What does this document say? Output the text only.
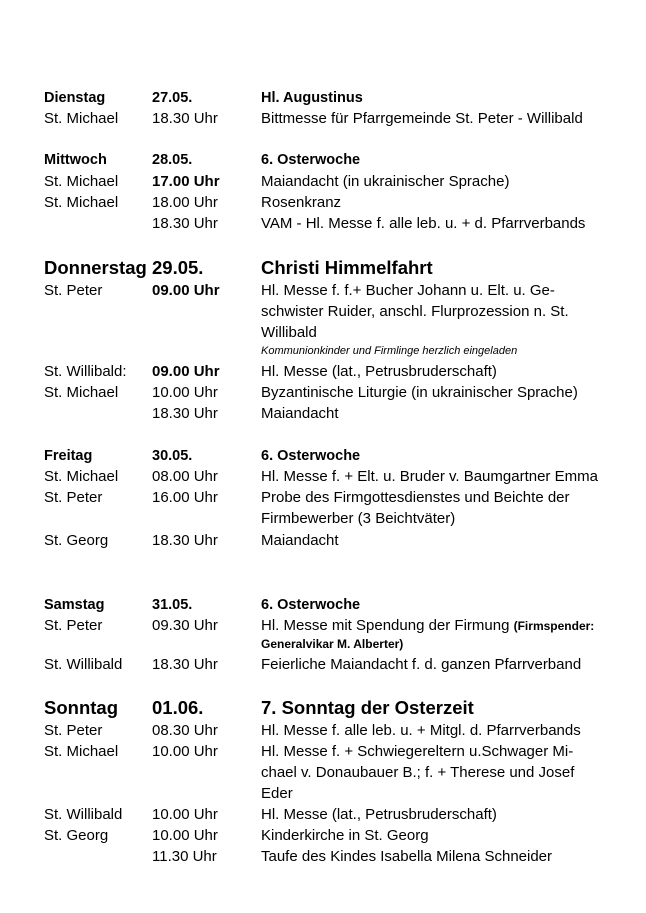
Dienstag	27.05.	Hl. Augustinus
St. Michael 18.30 Uhr	Bittmesse für Pfarrgemeinde St. Peter - Willibald
Mittwoch	28.05.	6. Osterwoche
St. Michael 17.00 Uhr	Maiandacht (in ukrainischer Sprache)
St. Michael 18.00 Uhr	Rosenkranz
18.30 Uhr	VAM - Hl. Messe f. alle leb. u. + d. Pfarrverbands
Donnerstag 29.05.	Christi Himmelfahrt
St. Peter	09.00 Uhr	Hl. Messe f. f.+ Bucher Johann u. Elt. u. Ge-
schwister Ruider, anschl. Flurprozession n. St.
Willibald
Kommunionkinder und Firmlinge herzlich eingeladen
St. Willibald: 09.00 Uhr	Hl. Messe (lat., Petrusbruderschaft)
St. Michael 10.00 Uhr	Byzantinische Liturgie (in ukrainischer Sprache)
18.30 Uhr	Maiandacht
Freitag	30.05.	6. Osterwoche
St. Michael 08.00 Uhr	Hl. Messe f. + Elt. u. Bruder v. Baumgartner Emma
St. Peter	16.00 Uhr	Probe des Firmgottesdienstes und Beichte der
Firmbewerber (3 Beichtväter)
St. Georg	18.30 Uhr	Maiandacht
Samstag	31.05.	6. Osterwoche
St. Peter	09.30 Uhr	Hl. Messe mit Spendung der Firmung (Firmspender:
Generalvikar M. Alberter)
St. Willibald 18.30 Uhr	Feierliche Maiandacht f. d. ganzen Pfarrverband
Sonntag 01.06.	7. Sonntag der Osterzeit
St. Peter	08.30 Uhr	Hl. Messe f. alle leb. u. + Mitgl. d. Pfarrverbands
St. Michael 10.00 Uhr	Hl. Messe f. + Schwiegereltern u.Schwager Mi-
chael v. Donaubauer B.; f. + Therese und Josef
Eder
St. Willibald 10.00 Uhr	Hl. Messe (lat., Petrusbruderschaft)
St. Georg	10.00 Uhr	Kinderkirche in St. Georg
11.30 Uhr	Taufe des Kindes Isabella Milena Schneider
